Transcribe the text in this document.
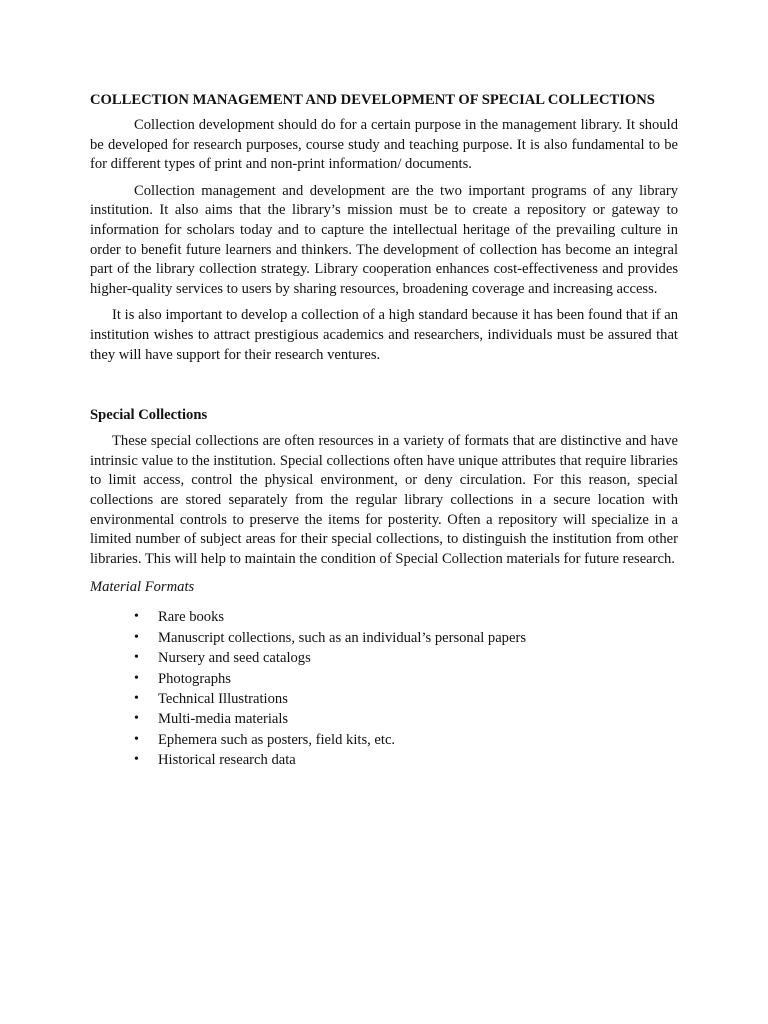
COLLECTION MANAGEMENT AND DEVELOPMENT OF SPECIAL COLLECTIONS

Collection development should do for a certain purpose in the management library. It should be developed for research purposes, course study and teaching purpose. It is also fundamental to be for different types of print and non-print information/ documents.

Collection management and development are the two important programs of any library institution. It also aims that the library’s mission must be to create a repository or gateway to information for scholars today and to capture the intellectual heritage of the prevailing culture in order to benefit future learners and thinkers. The development of collection has become an integral part of the library collection strategy. Library cooperation enhances cost-effectiveness and provides higher-quality services to users by sharing resources, broadening coverage and increasing access.

It is also important to develop a collection of a high standard because it has been found that if an institution wishes to attract prestigious academics and researchers, individuals must be assured that they will have support for their research ventures.

Special Collections

These special collections are often resources in a variety of formats that are distinctive and have intrinsic value to the institution. Special collections often have unique attributes that require libraries to limit access, control the physical environment, or deny circulation. For this reason, special collections are stored separately from the regular library collections in a secure location with environmental controls to preserve the items for posterity. Often a repository will specialize in a limited number of subject areas for their special collections, to distinguish the institution from other libraries. This will help to maintain the condition of Special Collection materials for future research.

Material Formats
• Rare books
• Manuscript collections, such as an individual’s personal papers
• Nursery and seed catalogs
• Photographs
• Technical Illustrations
• Multi-media materials
• Ephemera such as posters, field kits, etc.
• Historical research data
